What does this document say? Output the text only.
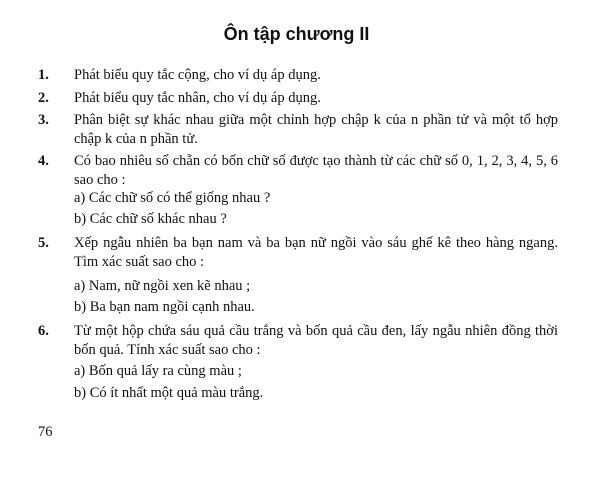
Ôn tập chương II
1. Phát biểu quy tắc cộng, cho ví dụ áp dụng.
2. Phát biểu quy tắc nhân, cho ví dụ áp dụng.
3. Phân biệt sự khác nhau giữa một chỉnh hợp chập k của n phần tử và một tổ hợp chập k của n phần tử.
4. Có bao nhiêu số chẵn có bốn chữ số được tạo thành từ các chữ số 0, 1, 2, 3, 4, 5, 6 sao cho :
a) Các chữ số có thể giống nhau ?
b) Các chữ số khác nhau ?
5. Xếp ngẫu nhiên ba bạn nam và ba bạn nữ ngồi vào sáu ghế kê theo hàng ngang. Tìm xác suất sao cho :
a) Nam, nữ ngồi xen kẽ nhau ;
b) Ba bạn nam ngồi cạnh nhau.
6. Từ một hộp chứa sáu quả cầu trắng và bốn quả cầu đen, lấy ngẫu nhiên đồng thời bốn quả. Tính xác suất sao cho :
a) Bốn quả lấy ra cùng màu ;
b) Có ít nhất một quả màu trắng.
76
